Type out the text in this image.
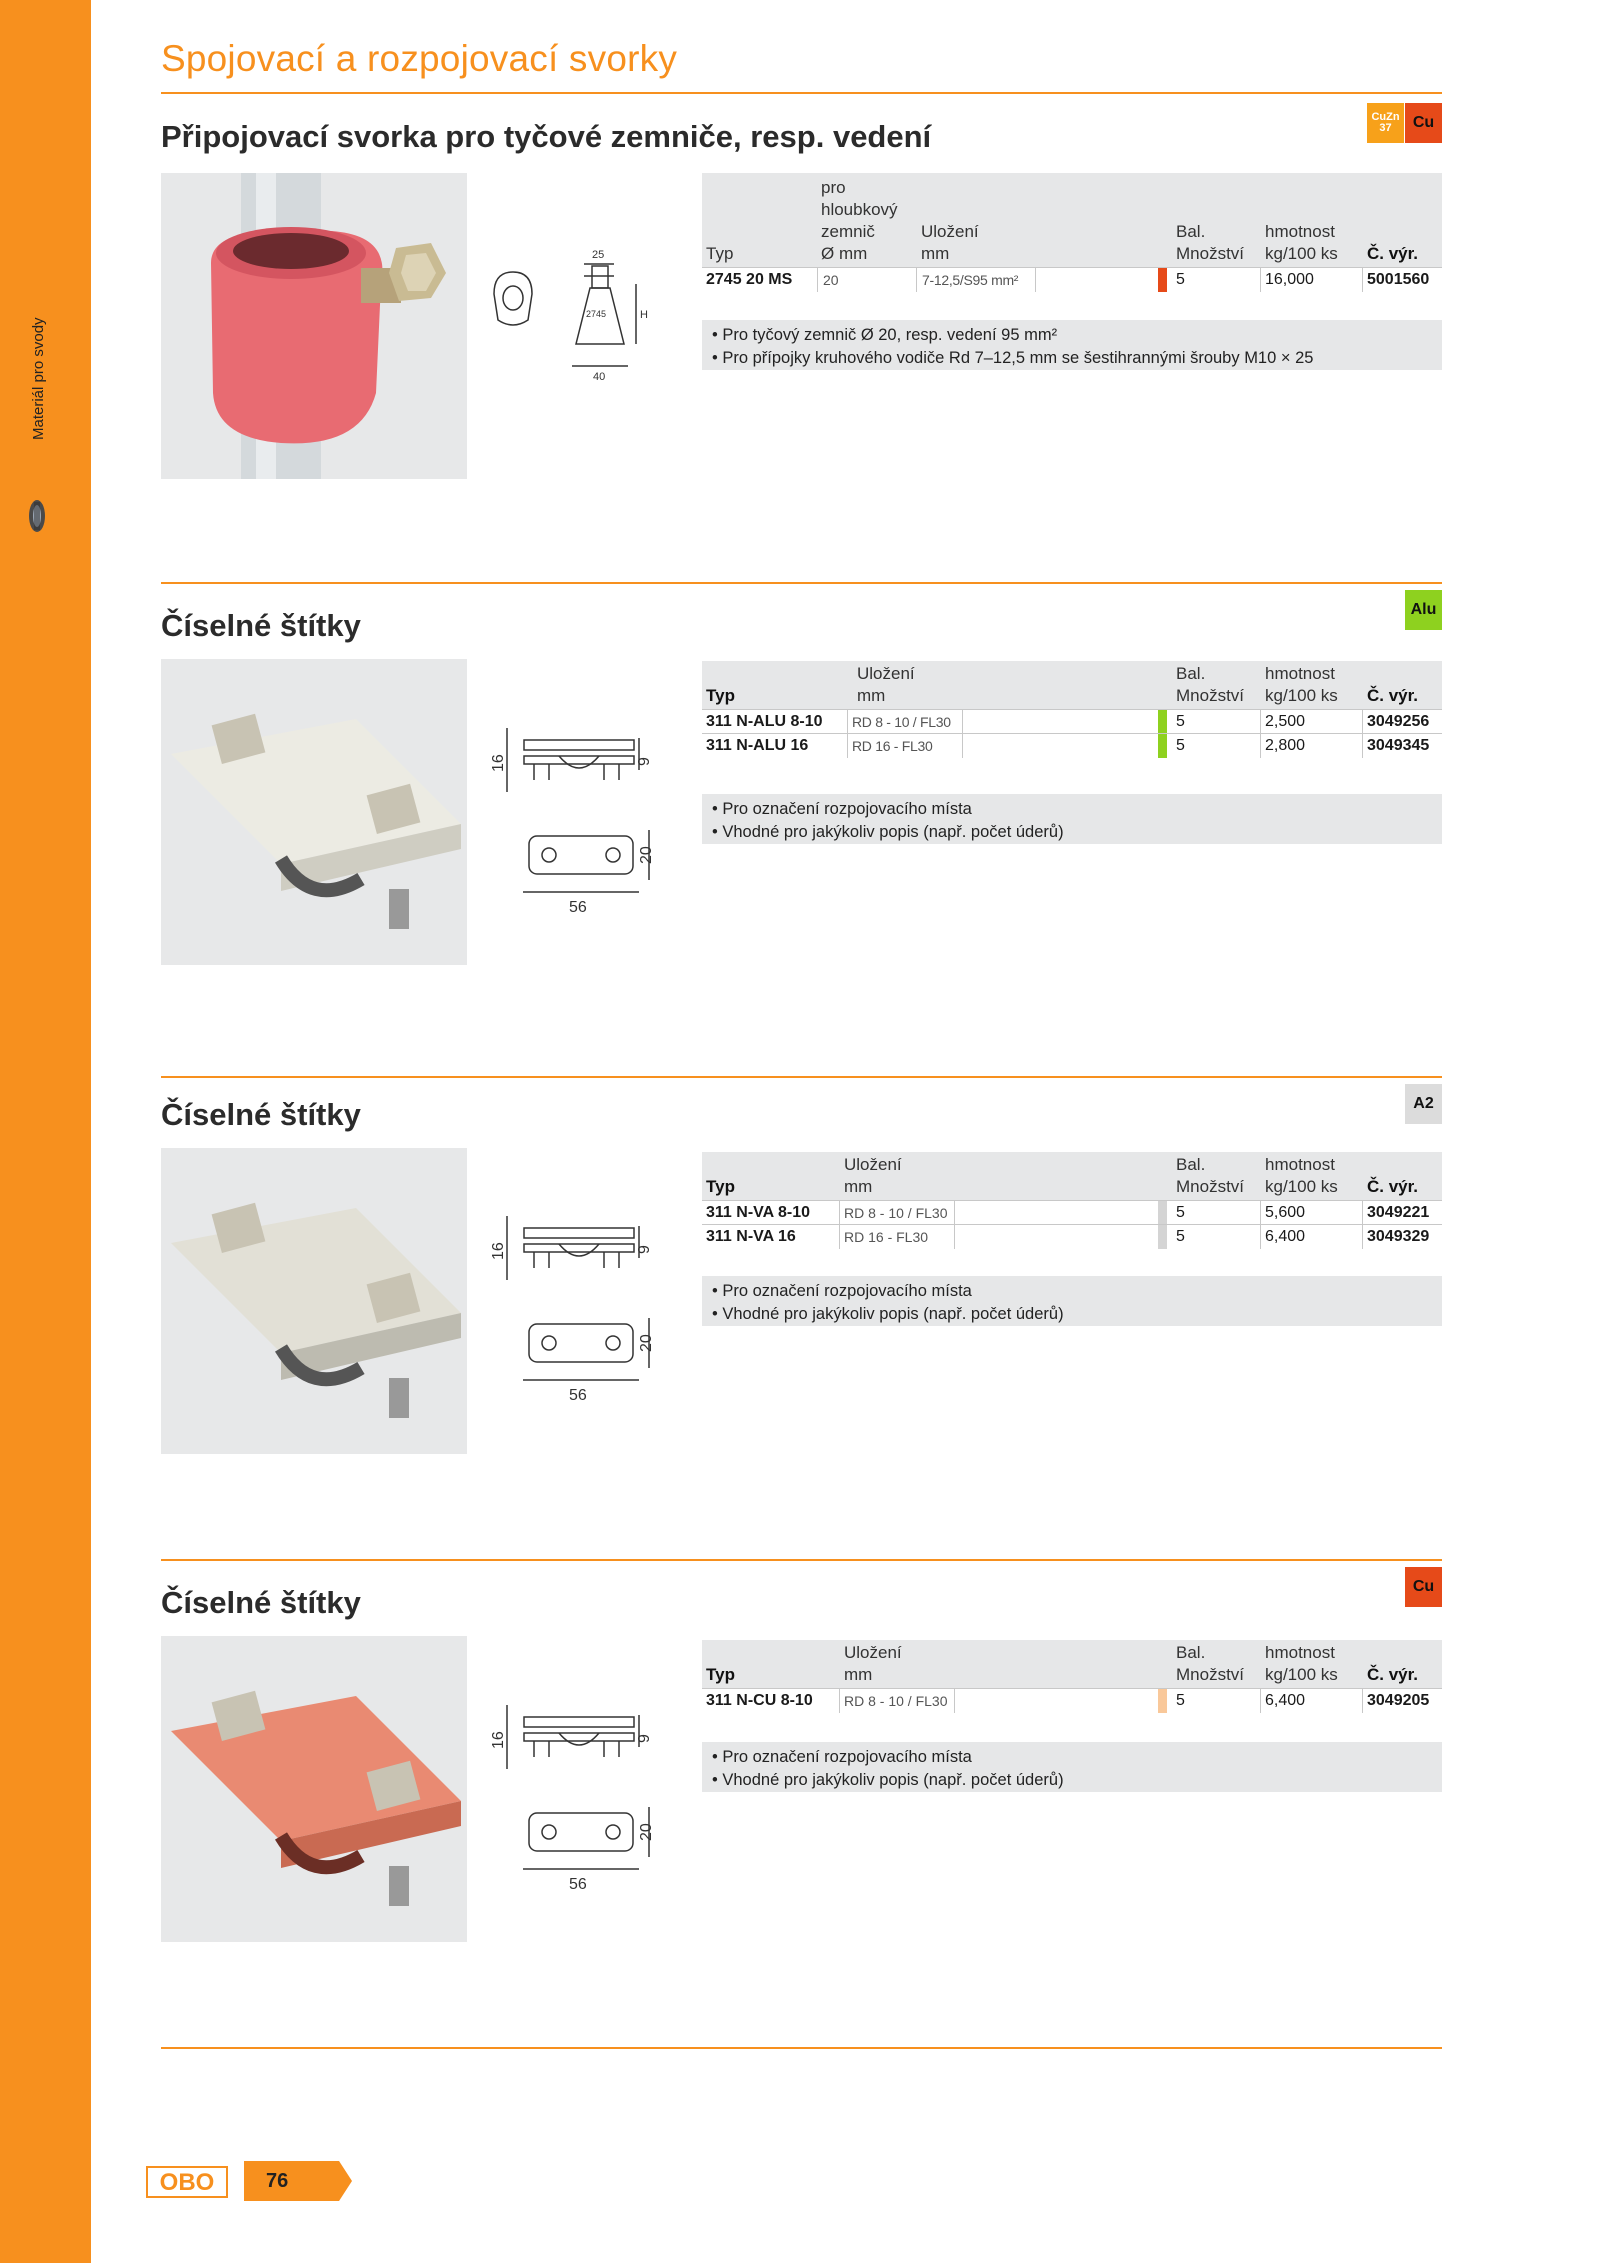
Materiál pro svody
Spojovací a rozpojovací svorky
Připojovací svorka pro tyčové zemniče, resp. vedení
CuZn
37	Cu
25
40
H
2745
Typ
pro
hloubkový
zemnič
Ø mm
Uložení
mm
Bal.
Množství
hmotnost
kg/100 ks Č. výr.
2745 20 MS 20	7-12,5/S95 mm²	5	16,000	5001560
• Pro tyčový zemnič Ø 20, resp. vedení 95 mm²
• Pro přípojky kruhového vodiče Rd 7–12,5 mm se šestihrannými šrouby M10 × 25
Číselné štítky	Alu
16	9
20
56
Uložení
mm
Typ
Bal.
Množství
hmotnost
kg/100 ks Č. výr.
311 N-ALU 8-10 RD 8 - 10 / FL30	5	2,500	3049256
311 N-ALU 16	RD 16 - FL30	5	2,800	3049345
• Pro označení rozpojovacího místa
• Vhodné pro jakýkoliv popis (např. počet úderů)
Číselné štítky	A2
16	9
20
56
Uložení
mm
Typ
Bal.
Množství
hmotnost
kg/100 ks Č. výr.
311 N-VA 8-10 RD 8 - 10 / FL30	5	5,600	3049221
311 N-VA 16	RD 16 - FL30	5	6,400	3049329
• Pro označení rozpojovacího místa
• Vhodné pro jakýkoliv popis (např. počet úderů)
Číselné štítky	Cu
16	9
20
56
Uložení
mm
Typ
Bal.
Množství
hmotnost
kg/100 ks Č. výr.
311 N-CU 8-10 RD 8 - 10 / FL30	5	6,400	3049205
• Pro označení rozpojovacího místa
• Vhodné pro jakýkoliv popis (např. počet úderů)
OBO	76
